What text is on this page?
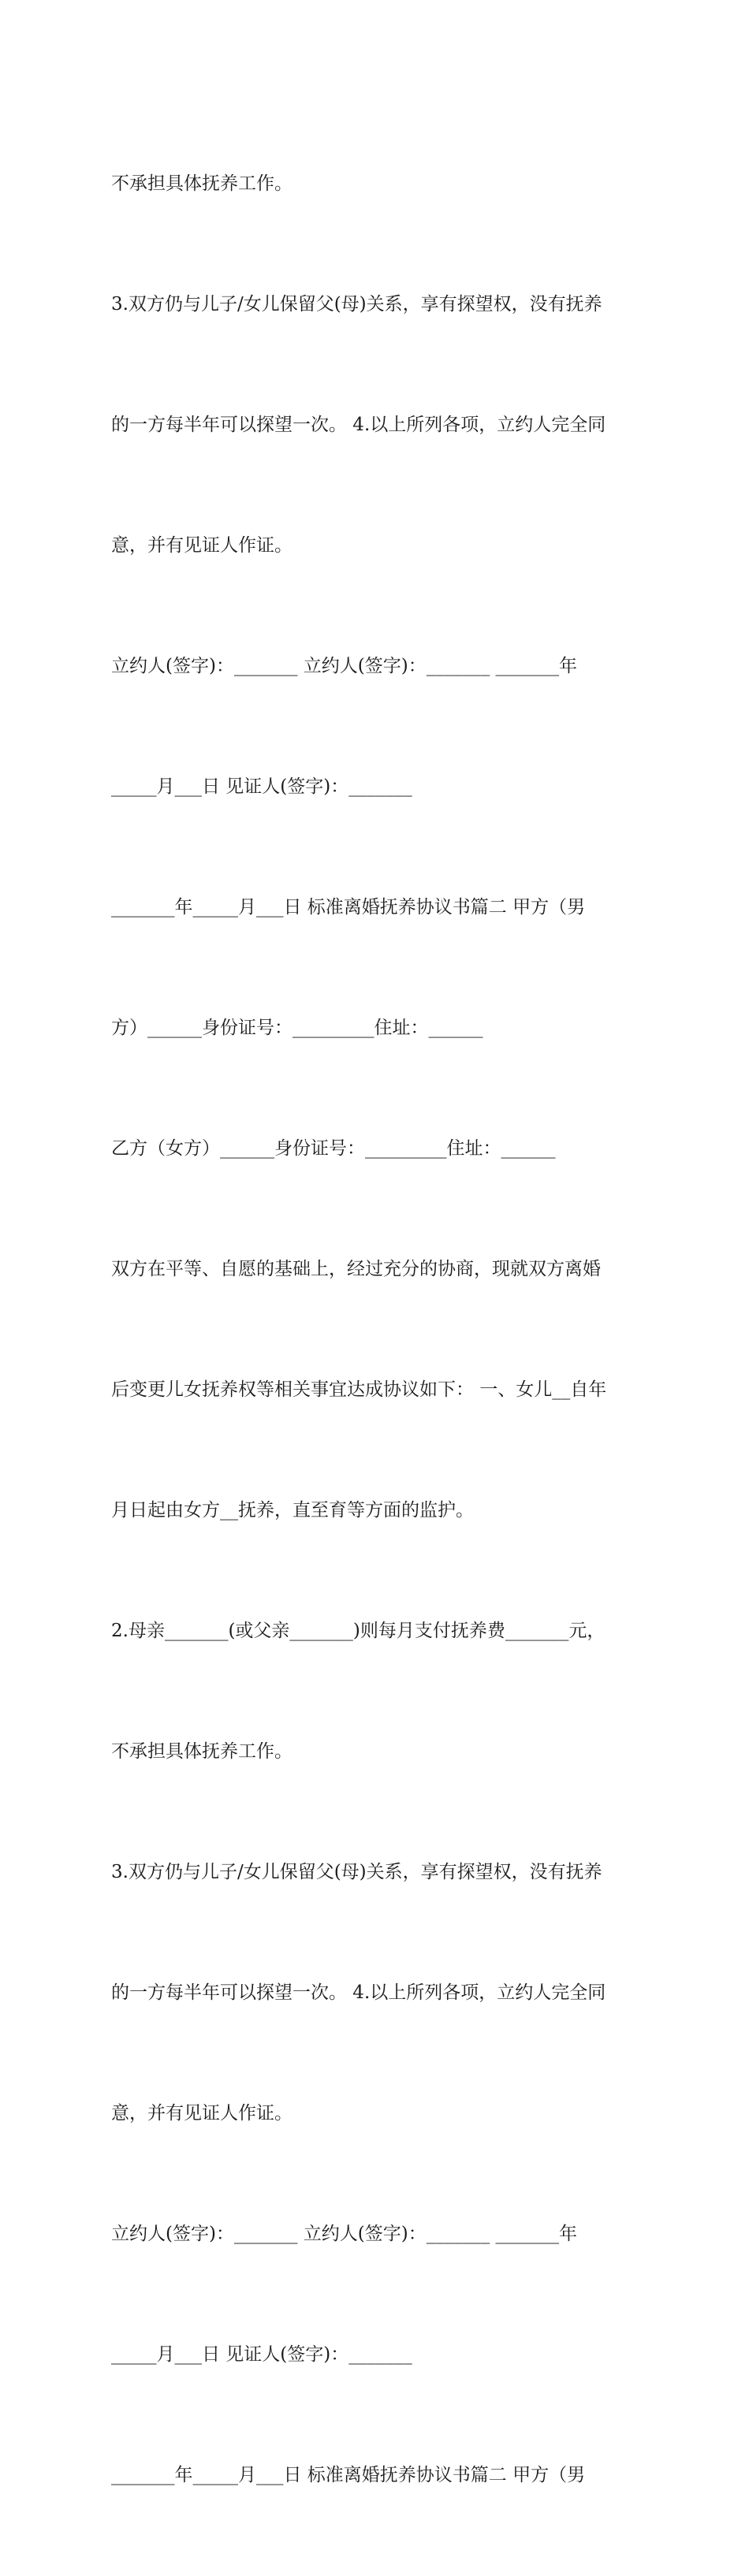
不承担具体抚养工作。

3.双方仍与儿子/女儿保留父(母)关系，享有探望权，没有抚养

的一方每半年可以探望一次。 4.以上所列各项，立约人完全同

意，并有见证人作证。

立约人(签字)：_______ 立约人(签字)：_______ _______年

_____月___日 见证人(签字)：_______

_______年_____月___日 标准离婚抚养协议书篇二 甲方（男

方）______身份证号：_________住址：______

乙方（女方）______身份证号：_________住址：______

双方在平等、自愿的基础上，经过充分的协商，现就双方离婚

后变更儿女抚养权等相关事宜达成协议如下： 一、女儿__自年

月日起由女方__抚养，直至育等方面的监护。

2.母亲_______(或父亲_______)则每月支付抚养费_______元，

不承担具体抚养工作。

3.双方仍与儿子/女儿保留父(母)关系，享有探望权，没有抚养

的一方每半年可以探望一次。 4.以上所列各项，立约人完全同

意，并有见证人作证。

立约人(签字)：_______ 立约人(签字)：_______ _______年

_____月___日 见证人(签字)：_______

_______年_____月___日 标准离婚抚养协议书篇二 甲方（男
